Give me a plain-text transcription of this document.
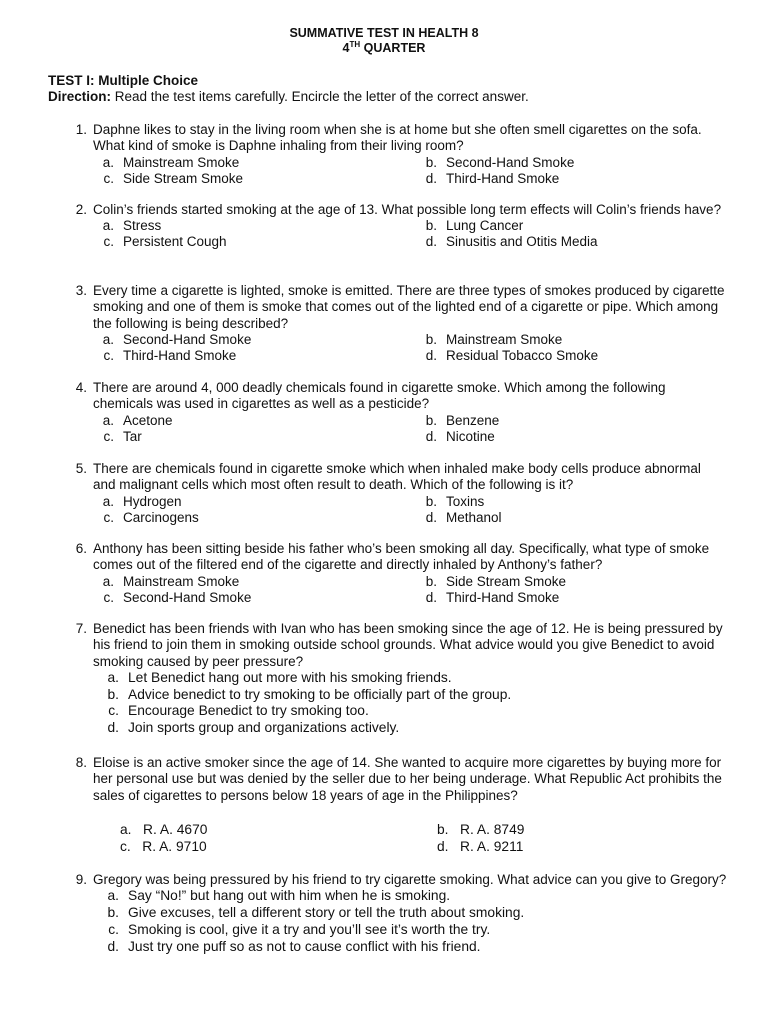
SUMMATIVE TEST IN HEALTH 8
4TH QUARTER
TEST I: Multiple Choice
Direction: Read the test items carefully. Encircle the letter of the correct answer.
1. Daphne likes to stay in the living room when she is at home but she often smell cigarettes on the sofa. What kind of smoke is Daphne inhaling from their living room?
a. Mainstream Smoke	b. Second-Hand Smoke
c. Side Stream Smoke	d. Third-Hand Smoke
2. Colin’s friends started smoking at the age of 13. What possible long term effects will Colin’s friends have?
a. Stress	b. Lung Cancer
c. Persistent Cough	d. Sinusitis and Otitis Media
3. Every time a cigarette is lighted, smoke is emitted. There are three types of smokes produced by cigarette smoking and one of them is smoke that comes out of the lighted end of a cigarette or pipe. Which among the following is being described?
a. Second-Hand Smoke	b. Mainstream Smoke
c. Third-Hand Smoke	d. Residual Tobacco Smoke
4. There are around 4, 000 deadly chemicals found in cigarette smoke. Which among the following chemicals was used in cigarettes as well as a pesticide?
a. Acetone	b. Benzene
c. Tar	d. Nicotine
5. There are chemicals found in cigarette smoke which when inhaled make body cells produce abnormal and malignant cells which most often result to death. Which of the following is it?
a. Hydrogen	b. Toxins
c. Carcinogens	d. Methanol
6. Anthony has been sitting beside his father who’s been smoking all day. Specifically, what type of smoke comes out of the filtered end of the cigarette and directly inhaled by Anthony’s father?
a. Mainstream Smoke	b. Side Stream Smoke
c. Second-Hand Smoke	d. Third-Hand Smoke
7. Benedict has been friends with Ivan who has been smoking since the age of 12. He is being pressured by his friend to join them in smoking outside school grounds. What advice would you give Benedict to avoid smoking caused by peer pressure?
a. Let Benedict hang out more with his smoking friends.
b. Advice benedict to try smoking to be officially part of the group.
c. Encourage Benedict to try smoking too.
d. Join sports group and organizations actively.
8. Eloise is an active smoker since the age of 14. She wanted to acquire more cigarettes by buying more for her personal use but was denied by the seller due to her being underage. What Republic Act prohibits the sales of cigarettes to persons below 18 years of age in the Philippines?
a. R. A. 4670	b. R. A. 8749
c. R. A. 9710	d. R. A. 9211
9. Gregory was being pressured by his friend to try cigarette smoking. What advice can you give to Gregory?
a. Say “No!” but hang out with him when he is smoking.
b. Give excuses, tell a different story or tell the truth about smoking.
c. Smoking is cool, give it a try and you’ll see it’s worth the try.
d. Just try one puff so as not to cause conflict with his friend.
